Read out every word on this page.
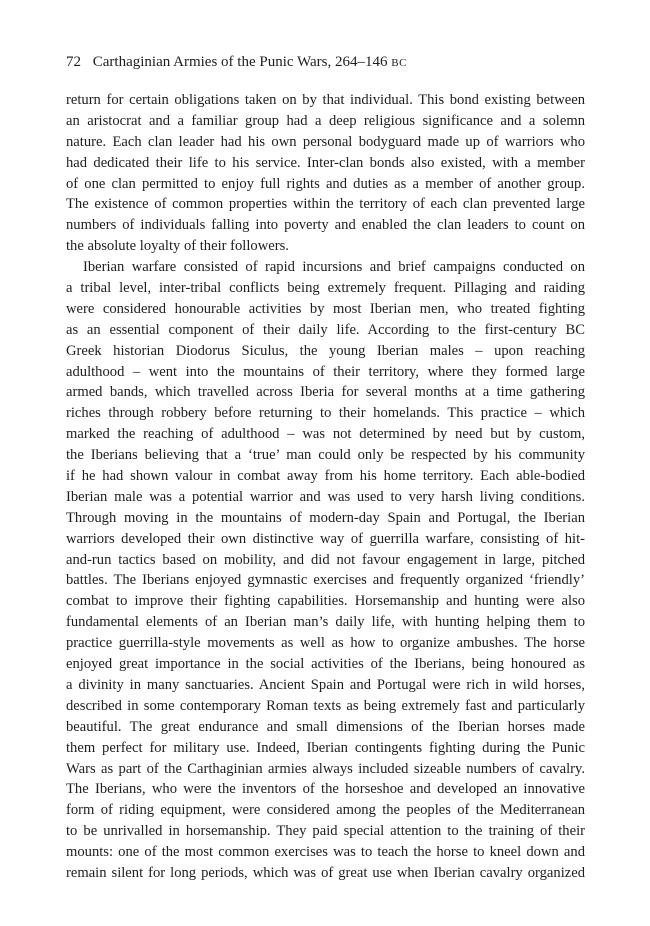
72 Carthaginian Armies of the Punic Wars, 264–146 BC
return for certain obligations taken on by that individual. This bond existing between
an aristocrat and a familiar group had a deep religious significance and a solemn
nature. Each clan leader had his own personal bodyguard made up of warriors who
had dedicated their life to his service. Inter-clan bonds also existed, with a member
of one clan permitted to enjoy full rights and duties as a member of another group.
The existence of common properties within the territory of each clan prevented large
numbers of individuals falling into poverty and enabled the clan leaders to count on
the absolute loyalty of their followers.
Iberian warfare consisted of rapid incursions and brief campaigns conducted on
a tribal level, inter-tribal conflicts being extremely frequent. Pillaging and raiding
were considered honourable activities by most Iberian men, who treated fighting
as an essential component of their daily life. According to the first-century BC
Greek historian Diodorus Siculus, the young Iberian males – upon reaching
adulthood – went into the mountains of their territory, where they formed large
armed bands, which travelled across Iberia for several months at a time gathering
riches through robbery before returning to their homelands. This practice – which
marked the reaching of adulthood – was not determined by need but by custom,
the Iberians believing that a ‘true’ man could only be respected by his community
if he had shown valour in combat away from his home territory. Each able-bodied
Iberian male was a potential warrior and was used to very harsh living conditions.
Through moving in the mountains of modern-day Spain and Portugal, the Iberian
warriors developed their own distinctive way of guerrilla warfare, consisting of hit-
and-run tactics based on mobility, and did not favour engagement in large, pitched
battles. The Iberians enjoyed gymnastic exercises and frequently organized ‘friendly’
combat to improve their fighting capabilities. Horsemanship and hunting were also
fundamental elements of an Iberian man’s daily life, with hunting helping them to
practice guerrilla-style movements as well as how to organize ambushes. The horse
enjoyed great importance in the social activities of the Iberians, being honoured as
a divinity in many sanctuaries. Ancient Spain and Portugal were rich in wild horses,
described in some contemporary Roman texts as being extremely fast and particularly
beautiful. The great endurance and small dimensions of the Iberian horses made
them perfect for military use. Indeed, Iberian contingents fighting during the Punic
Wars as part of the Carthaginian armies always included sizeable numbers of cavalry.
The Iberians, who were the inventors of the horseshoe and developed an innovative
form of riding equipment, were considered among the peoples of the Mediterranean
to be unrivalled in horsemanship. They paid special attention to the training of their
mounts: one of the most common exercises was to teach the horse to kneel down and
remain silent for long periods, which was of great use when Iberian cavalry organized
